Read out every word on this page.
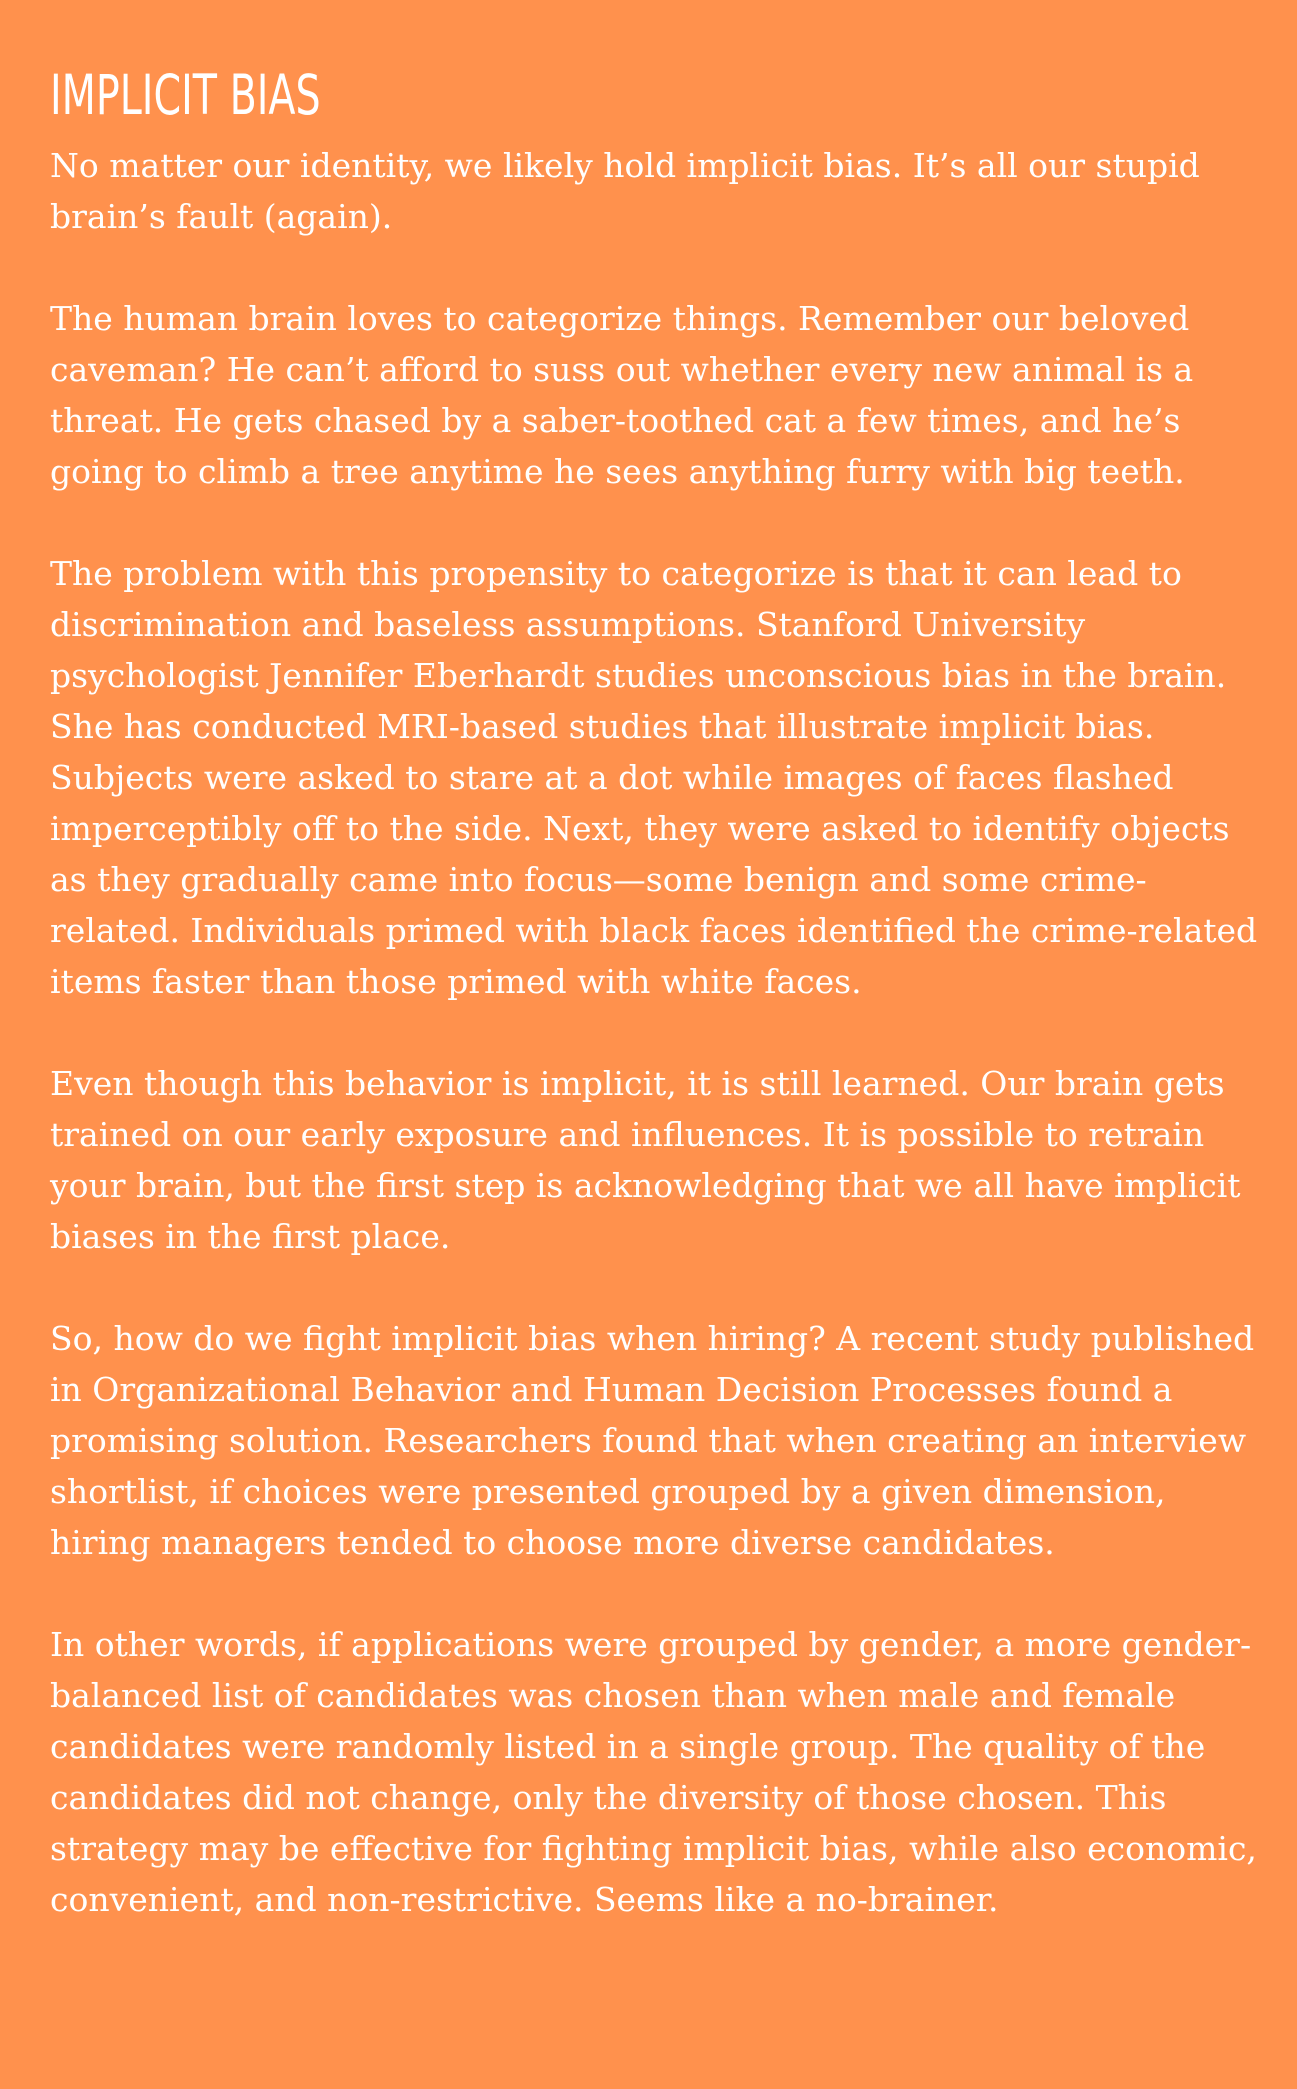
IMPLICIT BIAS

No matter our identity, we likely hold implicit bias. It’s all our stupid brain’s fault (again).

The human brain loves to categorize things. Remember our beloved caveman? He can’t afford to suss out whether every new animal is a threat. He gets chased by a saber-toothed cat a few times, and he’s going to climb a tree anytime he sees anything furry with big teeth.

The problem with this propensity to categorize is that it can lead to discrimination and baseless assumptions. Stanford University psychologist Jennifer Eberhardt studies unconscious bias in the brain. She has conducted MRI-based studies that illustrate implicit bias. Subjects were asked to stare at a dot while images of faces flashed imperceptibly off to the side. Next, they were asked to identify objects as they gradually came into focus—some benign and some crime-related. Individuals primed with black faces identified the crime-related items faster than those primed with white faces.

Even though this behavior is implicit, it is still learned. Our brain gets trained on our early exposure and influences. It is possible to retrain your brain, but the first step is acknowledging that we all have implicit biases in the first place.

So, how do we fight implicit bias when hiring? A recent study published in Organizational Behavior and Human Decision Processes found a promising solution. Researchers found that when creating an interview shortlist, if choices were presented grouped by a given dimension, hiring managers tended to choose more diverse candidates.

In other words, if applications were grouped by gender, a more gender-balanced list of candidates was chosen than when male and female candidates were randomly listed in a single group. The quality of the candidates did not change, only the diversity of those chosen. This strategy may be effective for fighting implicit bias, while also economic, convenient, and non-restrictive. Seems like a no-brainer.
